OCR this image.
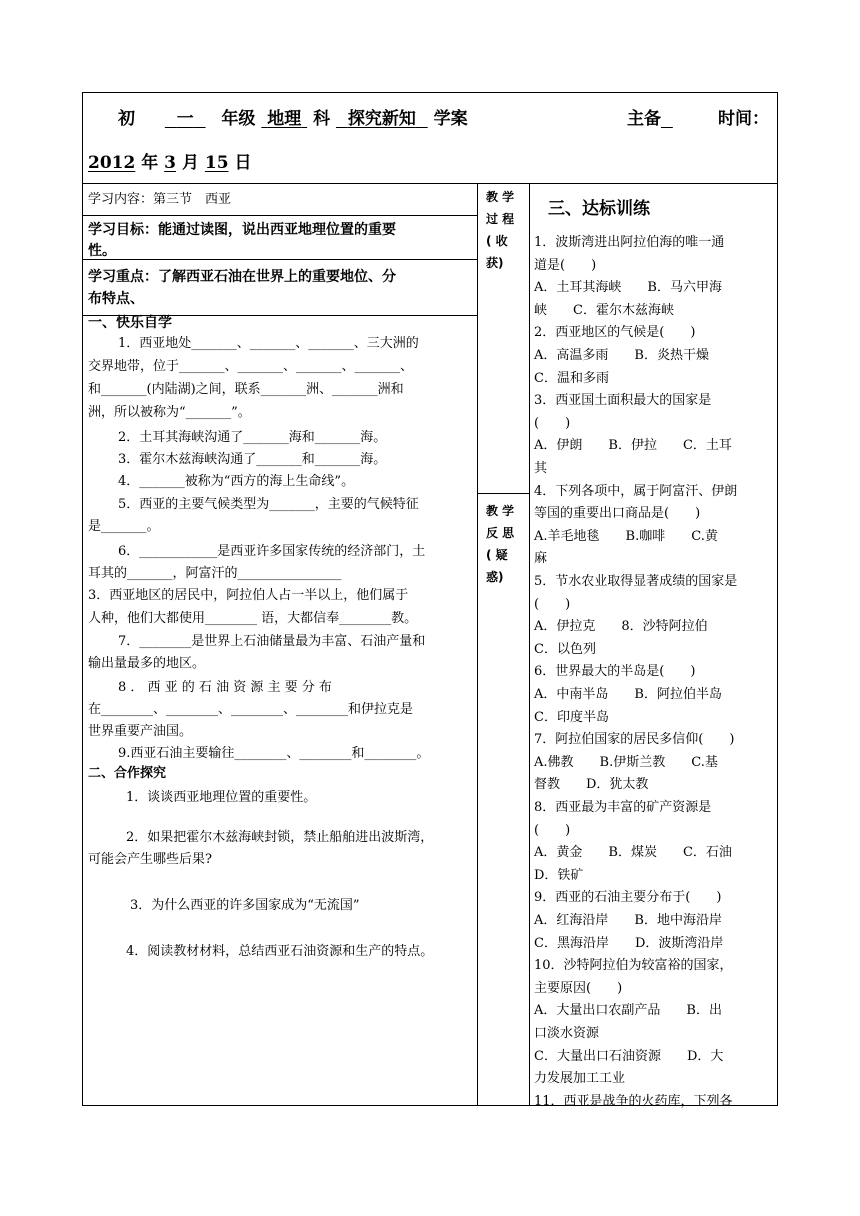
初 一 年级 地理 科 探究新知 学案	主备	时间：
2012 年 3 月 15 日
学习内容：第三节　西亚
学习目标：能通过读图，说出西亚地理位置的重要
性。
学习重点：了解西亚石油在世界上的重要地位、分
布特点、
一、快乐自学
1．西亚地处_______、_______、_______、三大洲的
交界地带，位于_______、_______、_______、_______、
和_______(内陆湖)之间，联系_______洲、_______洲和
洲，所以被称为“_______”。
2．土耳其海峡沟通了_______海和_______海。
3．霍尔木兹海峡沟通了_______和_______海。
4．_______被称为“西方的海上生命线”。
5．西亚的主要气候类型为_______，主要的气候特征
是_______。
6．____________是西亚许多国家传统的经济部门，土
耳其的_______，阿富汗的________________
3．西亚地区的居民中，阿拉伯人占一半以上，他们属于
人种，他们大都使用________ 语，大都信奉________教。
7．________是世界上石油储量最为丰富、石油产量和
输出量最多的地区。
8 ． 西 亚 的 石 油 资 源 主 要 分 布
在________、________、________、________和伊拉克是
世界重要产油国。
9.西亚石油主要输往________、________和________。
二、合作探究
1．谈谈西亚地理位置的重要性。
2．如果把霍尔木兹海峡封锁，禁止船舶进出波斯湾，
可能会产生哪些后果?
3．为什么西亚的许多国家成为“无流国”
4．阅读教材材料，总结西亚石油资源和生产的特点。
教 学
过 程
( 收
获)
教 学
反 思
( 疑
惑)
三、达标训练
1．波斯湾进出阿拉伯海的唯一通
道是(　　)
A．土耳其海峡　　B．马六甲海
峡　　C．霍尔木兹海峡
2．西亚地区的气候是(　　)
A．高温多雨　　B．炎热干燥
C．温和多雨
3．西亚国土面积最大的国家是
(　　)
A．伊朗　　B．伊拉　　C．土耳
其
4．下列各项中，属于阿富汗、伊朗
等国的重要出口商品是(　　)
A.羊毛地毯　　B.咖啡　　C.黄
麻
5．节水农业取得显著成绩的国家是
(　　)
A．伊拉克　　8．沙特阿拉伯
C．以色列
6．世界最大的半岛是(　　)
A．中南半岛　　B．阿拉伯半岛
C．印度半岛
7．阿拉伯国家的居民多信仰(　　)
A.佛教　　B.伊斯兰教　　C.基
督教　　D．犹太教
8．西亚最为丰富的矿产资源是
(　　)
A．黄金　　B．煤炭　　C．石油
D．铁矿
9．西亚的石油主要分布于(　　)
A．红海沿岸　　B．地中海沿岸
C．黑海沿岸　　D．波斯湾沿岸
10．沙特阿拉伯为较富裕的国家，
主要原因(　　)
A．大量出口农副产品　　B．出
口淡水资源
C．大量出口石油资源　　D．大
力发展加工工业
11．西亚是战争的火药库，下列各
